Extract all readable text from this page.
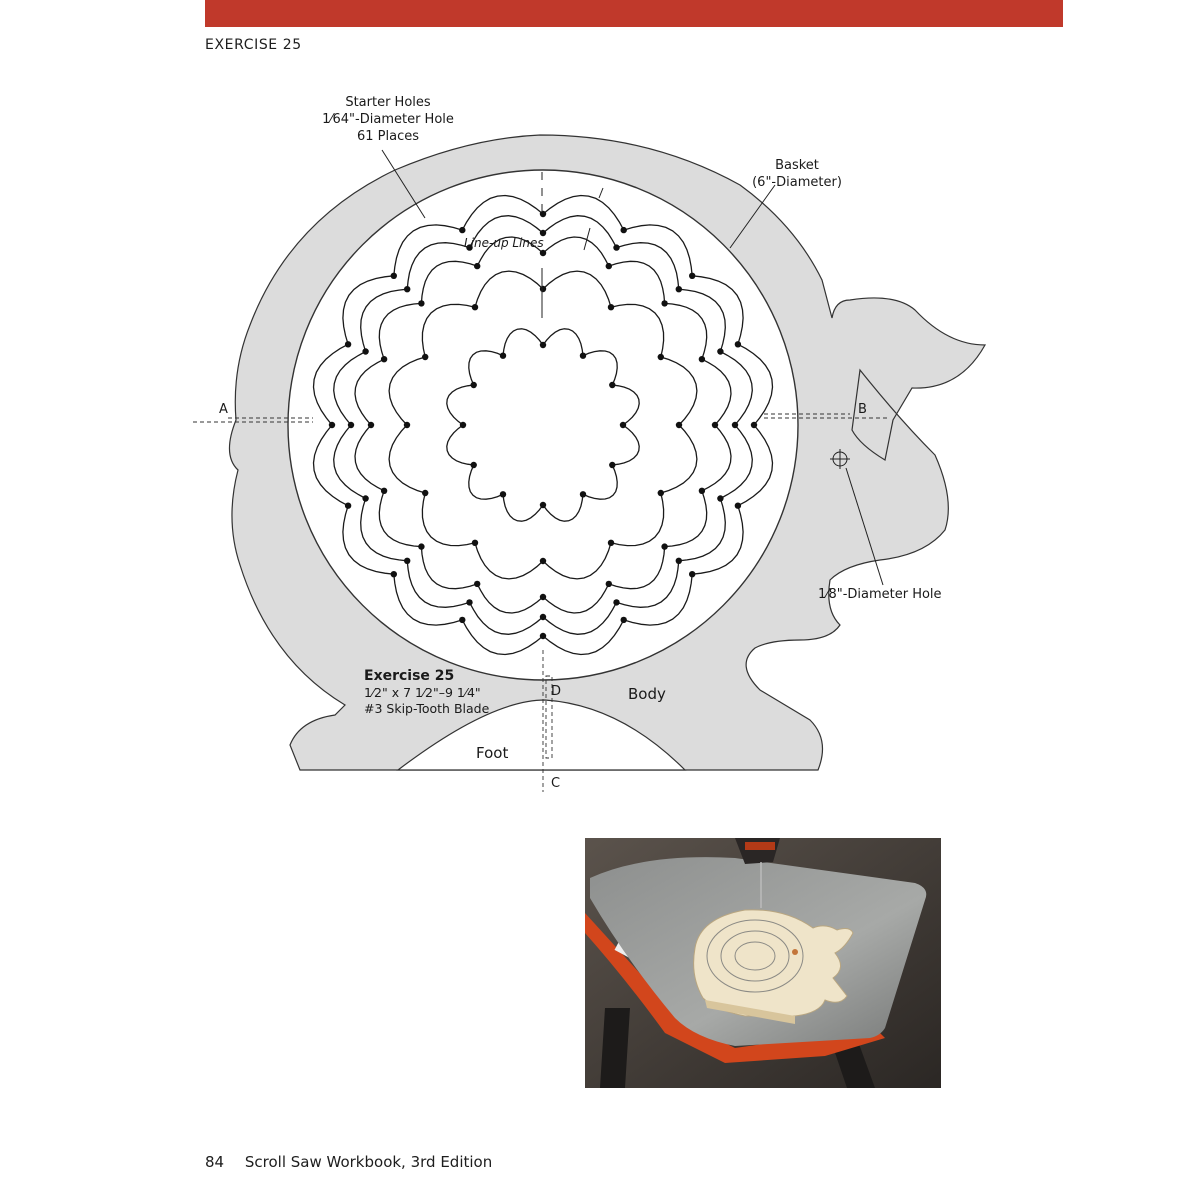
EXERCISE 25
Starter Holes
1⁄64"-Diameter Hole
61 Places
Basket
(6"-Diameter)
Line-up Lines
A	B
C
D
1⁄8"-Diameter Hole
Exercise 25
1⁄2" x 7 1⁄2"–9 1⁄4"
#3 Skip-Tooth Blade
Body
Foot
84 Scroll Saw Workbook, 3rd Edition
